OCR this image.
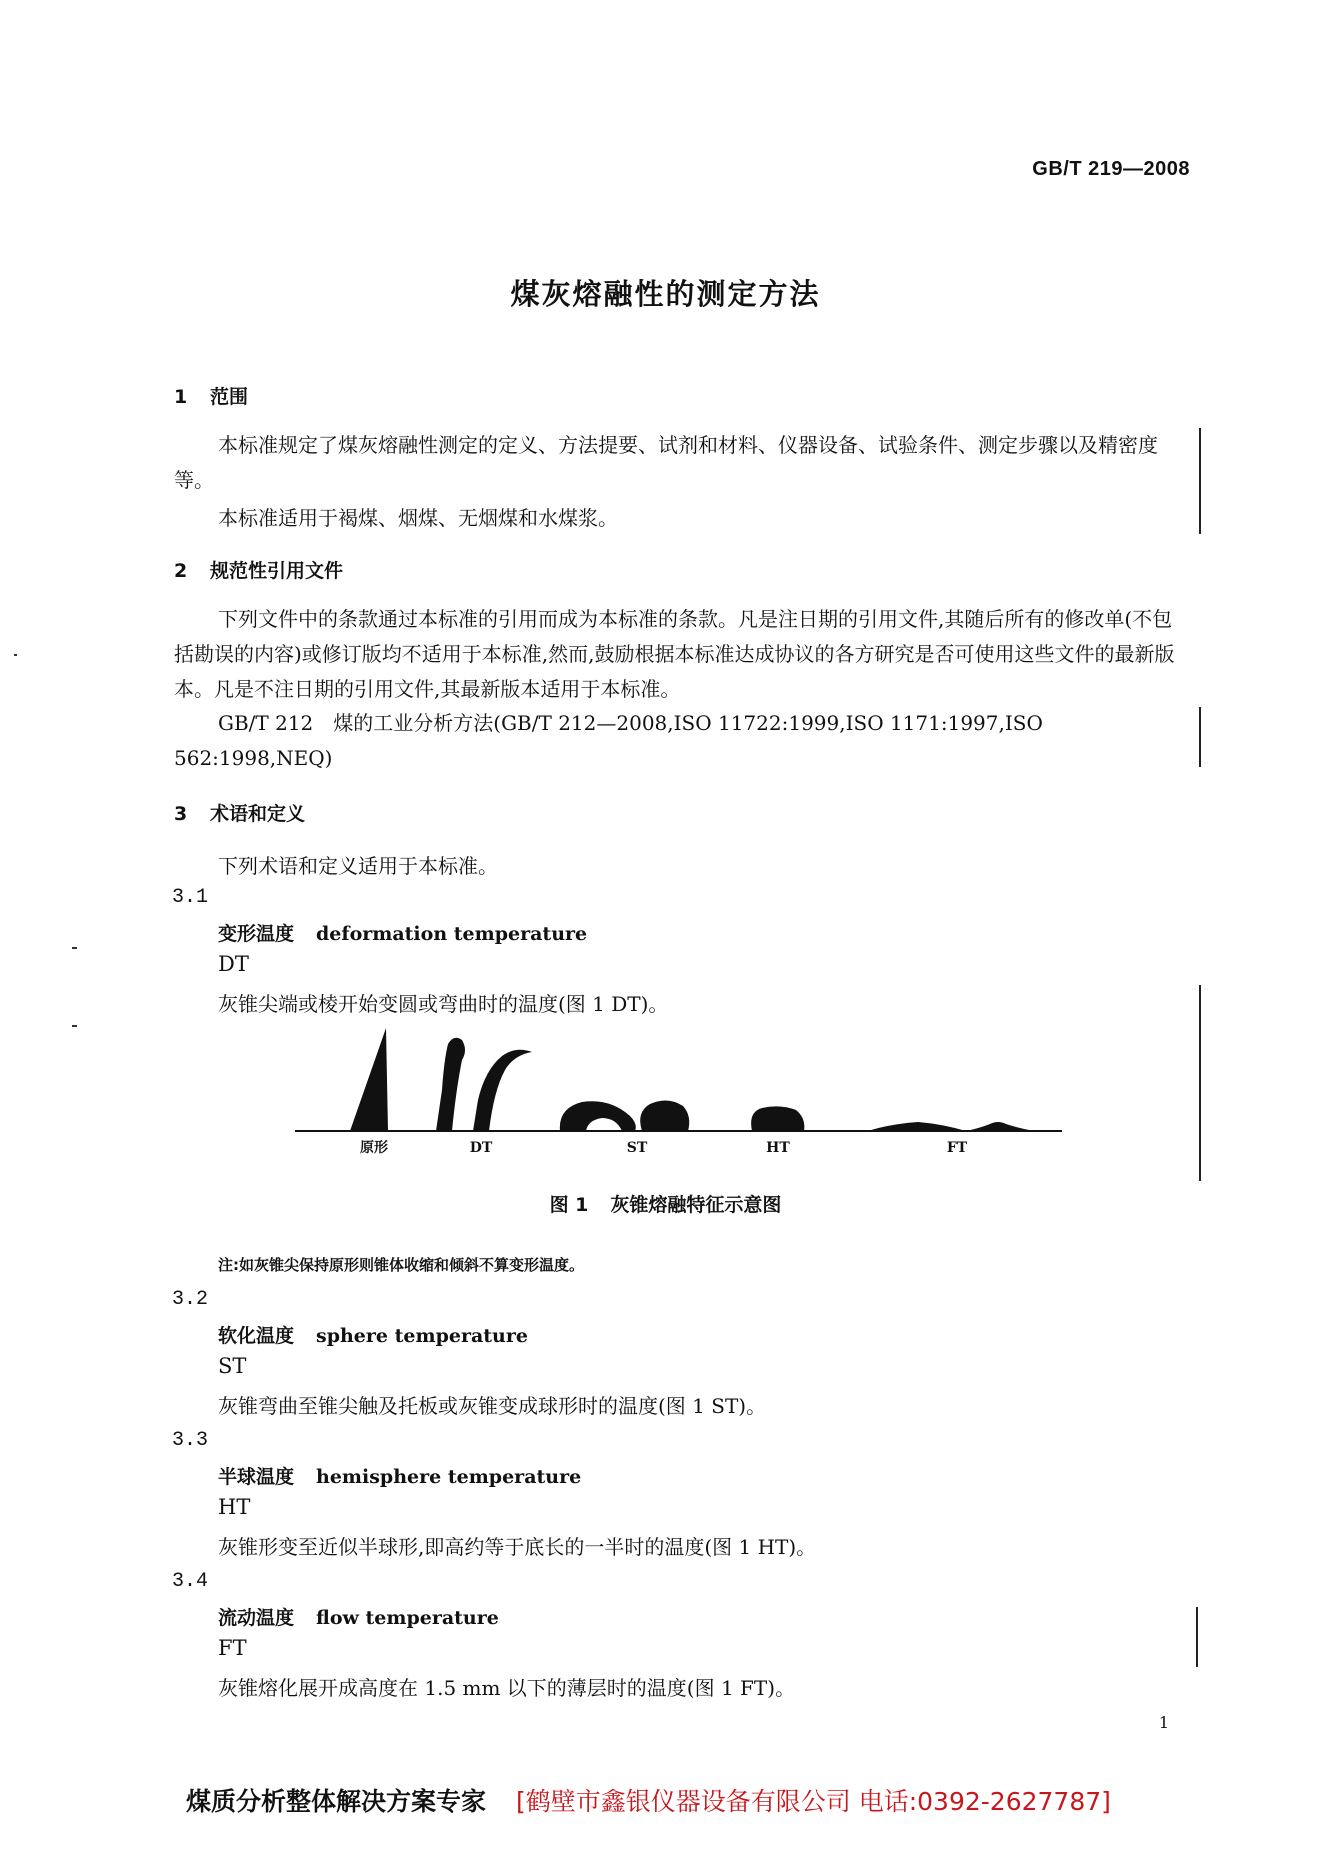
GB/T 219—2008
煤灰熔融性的测定方法
1 范围
本标准规定了煤灰熔融性测定的定义、方法提要、试剂和材料、仪器设备、试验条件、测定步骤以及精密度等。
本标准适用于褐煤、烟煤、无烟煤和水煤浆。
2 规范性引用文件
下列文件中的条款通过本标准的引用而成为本标准的条款。凡是注日期的引用文件,其随后所有的修改单(不包括勘误的内容)或修订版均不适用于本标准,然而,鼓励根据本标准达成协议的各方研究是否可使用这些文件的最新版本。凡是不注日期的引用文件,其最新版本适用于本标准。
GB/T 212　煤的工业分析方法(GB/T 212—2008,ISO 11722:1999,ISO 1171:1997,ISO 562:1998,NEQ)
3 术语和定义
下列术语和定义适用于本标准。
3.1
变形温度 deformation temperature
DT
灰锥尖端或棱开始变圆或弯曲时的温度(图 1 DT)。
原形	DT	ST	HT	FT
图 1 灰锥熔融特征示意图
注:如灰锥尖保持原形则锥体收缩和倾斜不算变形温度。
3.2
软化温度 sphere temperature
ST
灰锥弯曲至锥尖触及托板或灰锥变成球形时的温度(图 1 ST)。
3.3
半球温度 hemisphere temperature
HT
灰锥形变至近似半球形,即高约等于底长的一半时的温度(图 1 HT)。
3.4
流动温度 flow temperature
FT
灰锥熔化展开成高度在 1.5 mm 以下的薄层时的温度(图 1 FT)。
1
煤质分析整体解决方案专家 [鹤壁市鑫银仪器设备有限公司 电话:0392-2627787]
